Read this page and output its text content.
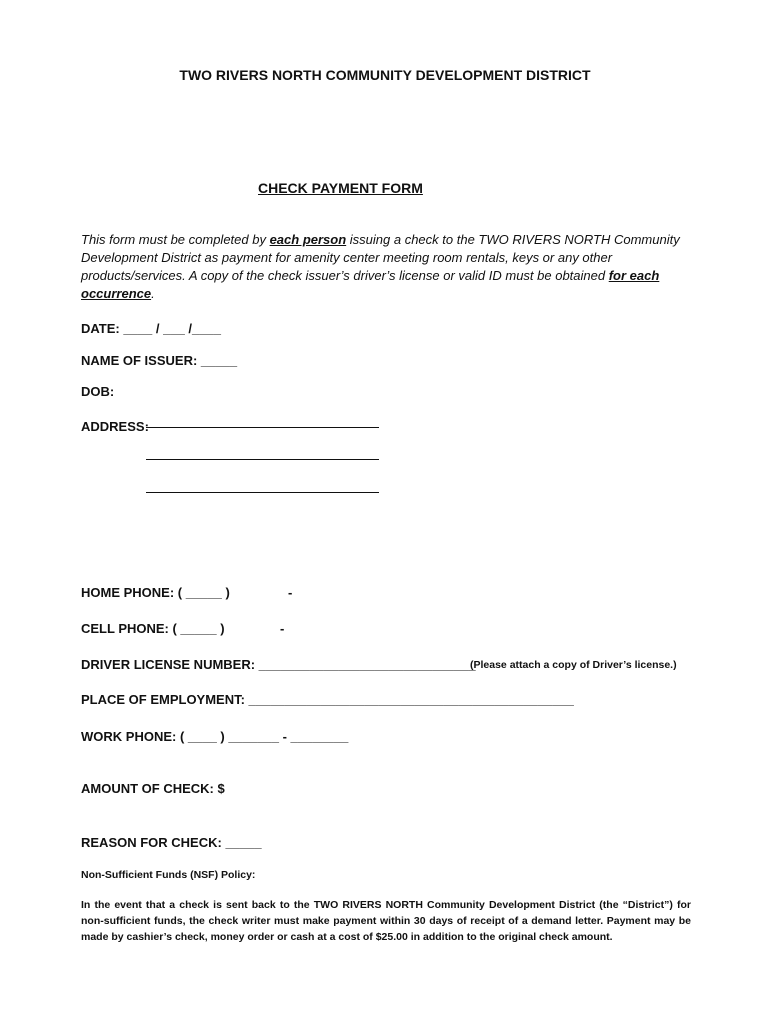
TWO RIVERS NORTH COMMUNITY DEVELOPMENT DISTRICT
CHECK PAYMENT FORM
This form must be completed by each person issuing a check to the TWO RIVERS NORTH Community Development District as payment for amenity center meeting room rentals, keys or any other products/services. A copy of the check issuer’s driver’s license or valid ID must be obtained for each occurrence.
DATE: ____ / ___ /____
NAME OF ISSUER: _____
DOB:
ADDRESS:
HOME PHONE: ( _____ )	-
CELL PHONE: ( _____ )	-
DRIVER LICENSE NUMBER: ______________________________
(Please attach a copy of Driver’s license.)
PLACE OF EMPLOYMENT: _____________________________________________
WORK PHONE: ( ____ ) _______ - ________
AMOUNT OF CHECK: $
REASON FOR CHECK: _____
Non-Sufficient Funds (NSF) Policy:
In the event that a check is sent back to the TWO RIVERS NORTH Community Development District (the “District”) for non-sufficient funds, the check writer must make payment within 30 days of receipt of a demand letter. Payment may be made by cashier’s check, money order or cash at a cost of $25.00 in addition to the original check amount.
